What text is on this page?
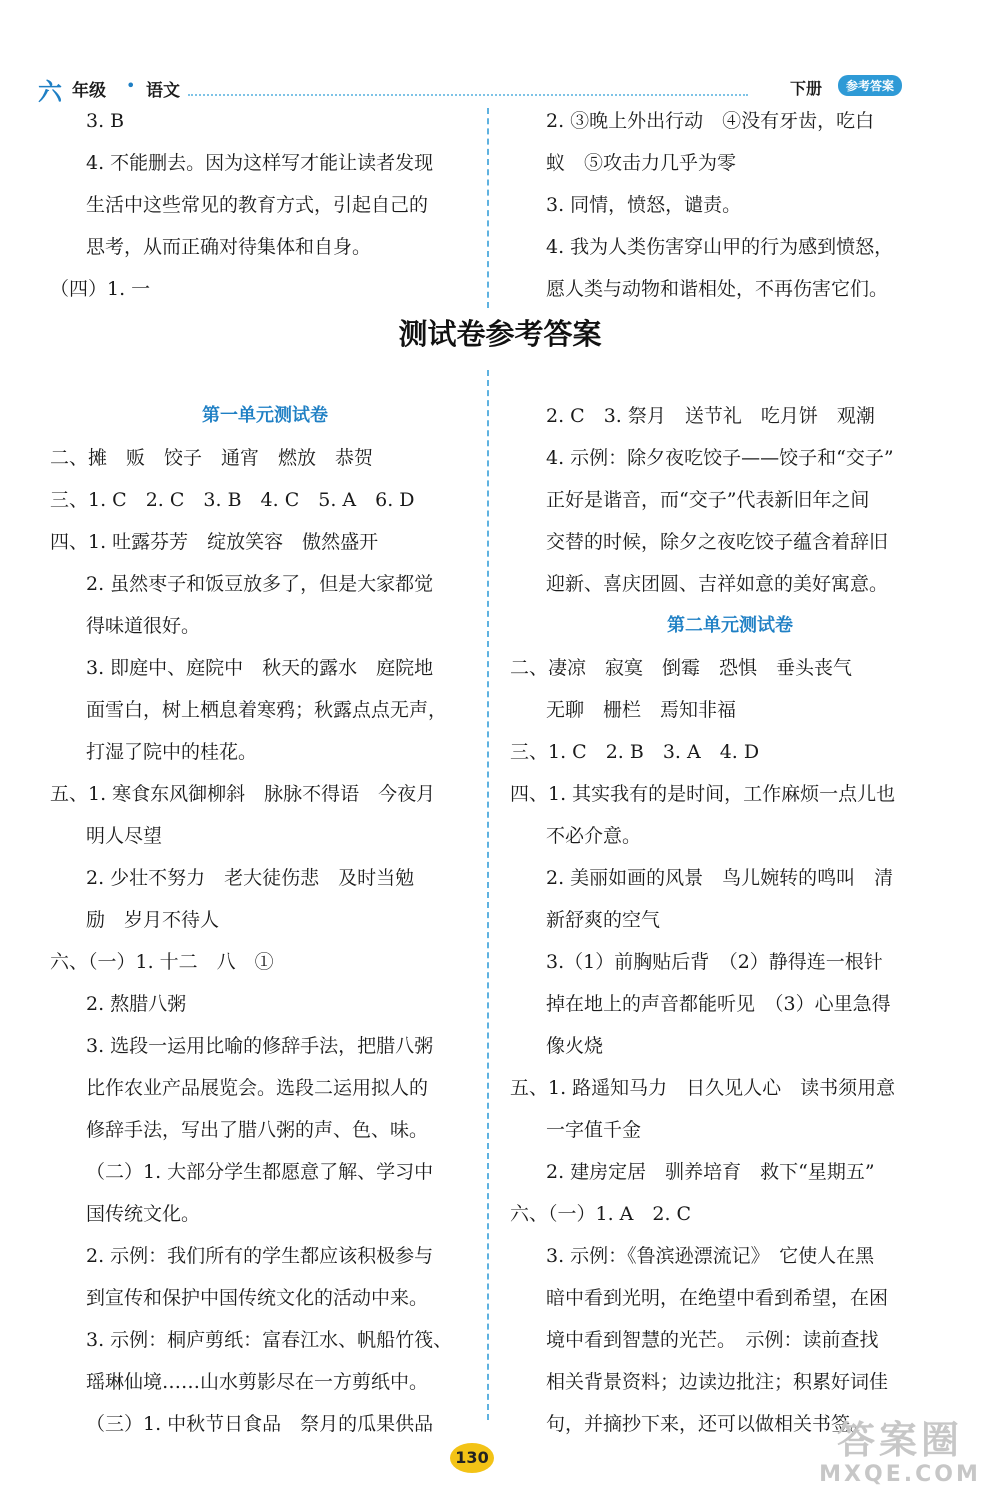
六 年级 • 语文	下册	参考答案

3. B

4. 不能删去。因为这样写才能让读者发现

生活中这些常见的教育方式，引起自己的

思考，从而正确对待集体和自身。

（四）1. 一

2. ③晚上外出行动　④没有牙齿，吃白

蚁　⑤攻击力几乎为零

3. 同情，愤怒，谴责。

4. 我为人类伤害穿山甲的行为感到愤怒，

愿人类与动物和谐相处，不再伤害它们。

测试卷参考答案

第一单元测试卷

二、摊　贩　饺子　通宵　燃放　恭贺

三、1. C　2. C　3. B　4. C　5. A　6. D

四、1. 吐露芬芳　绽放笑容　傲然盛开

2. 虽然枣子和饭豆放多了，但是大家都觉

得味道很好。

3. 即庭中、庭院中　秋天的露水　庭院地

面雪白，树上栖息着寒鸦；秋露点点无声，

打湿了院中的桂花。

五、1. 寒食东风御柳斜　脉脉不得语　今夜月

明人尽望

2. 少壮不努力　老大徒伤悲　及时当勉

励　岁月不待人

六、（一）1. 十二　八　①

2. 熬腊八粥

3. 选段一运用比喻的修辞手法，把腊八粥

比作农业产品展览会。选段二运用拟人的

修辞手法，写出了腊八粥的声、色、味。

（二）1. 大部分学生都愿意了解、学习中

国传统文化。

2. 示例：我们所有的学生都应该积极参与

到宣传和保护中国传统文化的活动中来。

3. 示例：桐庐剪纸：富春江水、帆船竹筏、

瑶琳仙境……山水剪影尽在一方剪纸中。

（三）1. 中秋节日食品　祭月的瓜果供品

2. C　3. 祭月　送节礼　吃月饼　观潮

4. 示例：除夕夜吃饺子——饺子和“交子”

正好是谐音，而“交子”代表新旧年之间

交替的时候，除夕之夜吃饺子蕴含着辞旧

迎新、喜庆团圆、吉祥如意的美好寓意。

第二单元测试卷

二、凄凉　寂寞　倒霉　恐惧　垂头丧气

无聊　栅栏　焉知非福

三、1. C　2. B　3. A　4. D

四、1. 其实我有的是时间，工作麻烦一点儿也

不必介意。

2. 美丽如画的风景　鸟儿婉转的鸣叫　清

新舒爽的空气

3.（1）前胸贴后背　（2）静得连一根针

掉在地上的声音都能听见　（3）心里急得

像火烧

五、1. 路遥知马力　日久见人心　读书须用意

一字值千金

2. 建房定居　驯养培育　救下“星期五”

六、（一）1. A　2. C

3. 示例：《鲁滨逊漂流记》　它使人在黑

暗中看到光明，在绝望中看到希望，在困

境中看到智慧的光芒。　示例：读前查找

相关背景资料；边读边批注；积累好词佳

句，并摘抄下来，还可以做相关书签。

130	答案圈
MXQE.COM
